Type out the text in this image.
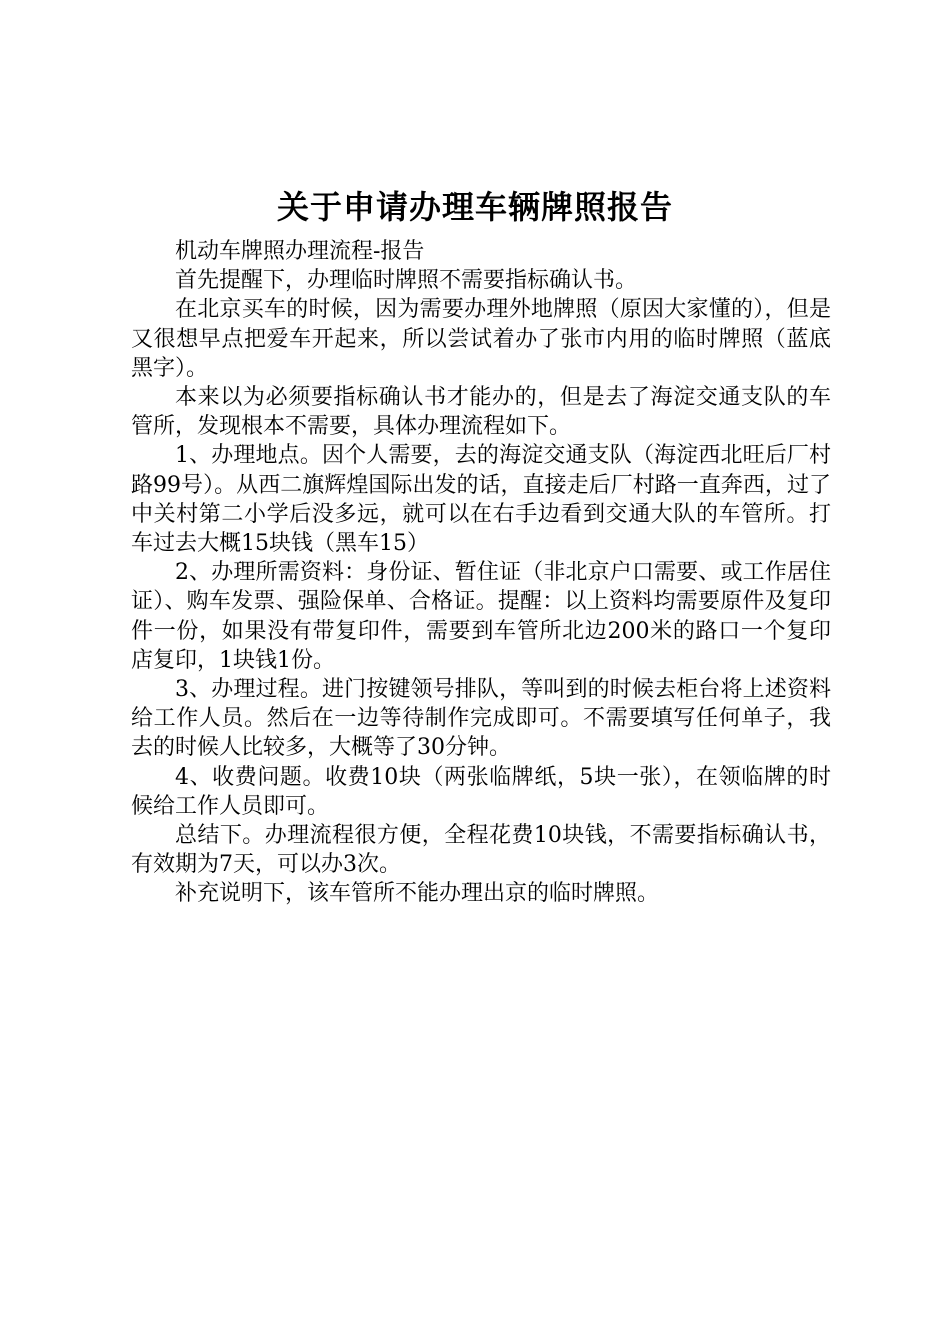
关于申请办理车辆牌照报告

机动车牌照办理流程-报告

首先提醒下，办理临时牌照不需要指标确认书。

在北京买车的时候，因为需要办理外地牌照（原因大家懂的），但是又很想早点把爱车开起来，所以尝试着办了张市内用的临时牌照（蓝底黑字）。

本来以为必须要指标确认书才能办的，但是去了海淀交通支队的车管所，发现根本不需要，具体办理流程如下。

1、办理地点。因个人需要，去的海淀交通支队（海淀西北旺后厂村路99号）。从西二旗辉煌国际出发的话，直接走后厂村路一直奔西，过了中关村第二小学后没多远，就可以在右手边看到交通大队的车管所。打车过去大概15块钱（黑车15）

2、办理所需资料：身份证、暂住证（非北京户口需要、或工作居住证）、购车发票、强险保单、合格证。提醒：以上资料均需要原件及复印件一份，如果没有带复印件，需要到车管所北边200米的路口一个复印店复印，1块钱1份。

3、办理过程。进门按键领号排队，等叫到的时候去柜台将上述资料给工作人员。然后在一边等待制作完成即可。不需要填写任何单子，我去的时候人比较多，大概等了30分钟。

4、收费问题。收费10块（两张临牌纸，5块一张），在领临牌的时候给工作人员即可。

总结下。办理流程很方便，全程花费10块钱，不需要指标确认书，有效期为7天，可以办3次。

补充说明下，该车管所不能办理出京的临时牌照。
